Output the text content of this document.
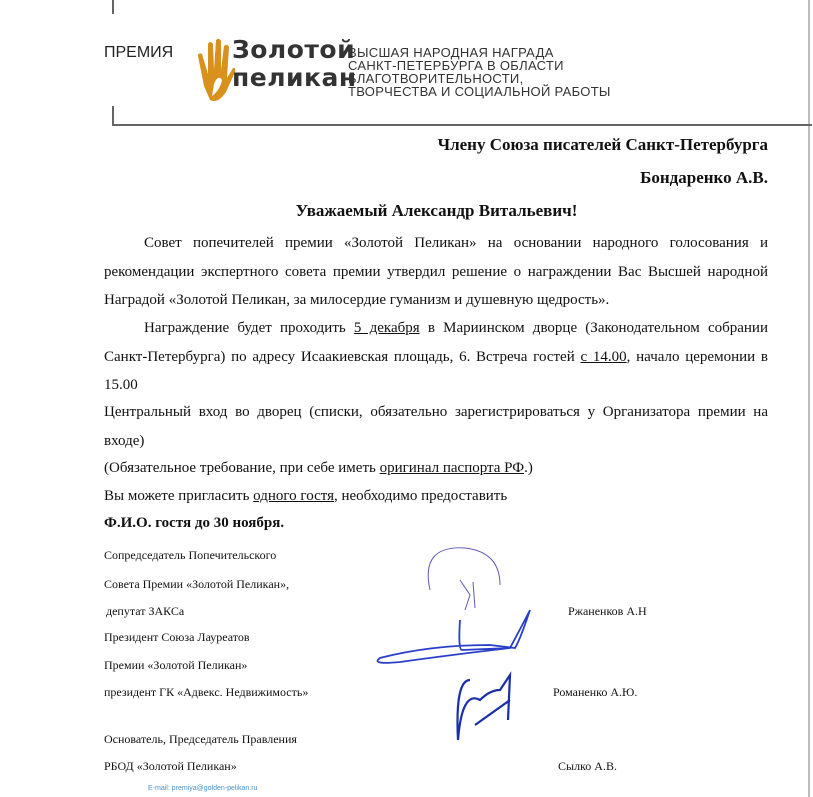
ПРЕМИЯ Золотой
пеликан
ВЫСШАЯ НАРОДНАЯ НАГРАДА
САНКТ-ПЕТЕРБУРГА В ОБЛАСТИ
БЛАГОТВОРИТЕЛЬНОСТИ,
ТВОРЧЕСТВА И СОЦИАЛЬНОЙ РАБОТЫ
Члену Союза писателей Санкт-Петербурга
Бондаренко А.В.
Уважаемый Александр Витальевич!
Совет попечителей премии «Золотой Пеликан» на основании народного голосования и рекомендации экспертного совета премии утвердил решение о награждении Вас Высшей народной Наградой «Золотой Пеликан, за милосердие гуманизм и душевную щедрость».
Награждение будет проходить 5 декабря в Мариинском дворце (Законодательном собрании Санкт-Петербурга) по адресу Исаакиевская площадь, 6. Встреча гостей с 14.00, начало церемонии в 15.00
Центральный вход во дворец (списки, обязательно зарегистрироваться у Организатора премии на входе)
(Обязательное требование, при себе иметь оригинал паспорта РФ.)
Вы можете пригласить одного гостя, необходимо предоставить
Ф.И.О. гостя до 30 ноября.
Сопредседатель Попечительского
Совета Премии «Золотой Пеликан»,
депутат ЗАКСа	Ржаненков А.Н
Президент Союза Лауреатов
Премии «Золотой Пеликан»
президент ГК «Адвекс. Недвижимость»	Романенко А.Ю.
Основатель, Председатель Правления
РБОД «Золотой Пеликан»	Сылко А.В.
E-mail: premiya@golden-pelikan.ru
